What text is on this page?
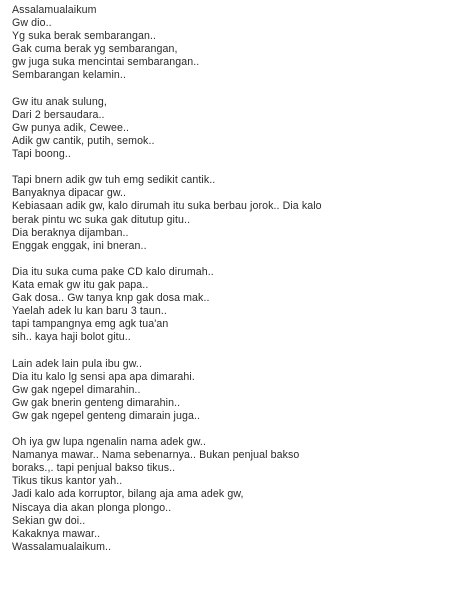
Assalamualaikum
Gw dio..
Yg suka berak sembarangan..
Gak cuma berak yg sembarangan,
gw juga suka mencintai sembarangan..
Sembarangan kelamin..
Gw itu anak sulung,
Dari 2 bersaudara..
Gw punya adik, Cewee..
Adik gw cantik, putih, semok..
Tapi boong..
Tapi bnern adik gw tuh emg sedikit cantik..
Banyaknya dipacar gw..
Kebiasaan adik gw, kalo dirumah itu suka berbau jorok.. Dia kalo
berak pintu wc suka gak ditutup gitu..
Dia beraknya dijamban..
Enggak enggak, ini bneran..
Dia itu suka cuma pake CD kalo dirumah..
Kata emak gw itu gak papa..
Gak dosa.. Gw tanya knp gak dosa mak..
Yaelah adek lu kan baru 3 taun..
tapi tampangnya emg agk tua'an
sih.. kaya haji bolot gitu..
Lain adek lain pula ibu gw..
Dia itu kalo lg sensi apa apa dimarahi.
Gw gak ngepel dimarahin..
Gw gak bnerin genteng dimarahin..
Gw gak ngepel genteng dimarain juga..
Oh iya gw lupa ngenalin nama adek gw..
Namanya mawar.. Nama sebenarnya.. Bukan penjual bakso
boraks.,. tapi penjual bakso tikus..
Tikus tikus kantor yah..
Jadi kalo ada korruptor, bilang aja ama adek gw,
Niscaya dia akan plonga plongo..
Sekian gw doi..
Kakaknya mawar..
Wassalamualaikum..
